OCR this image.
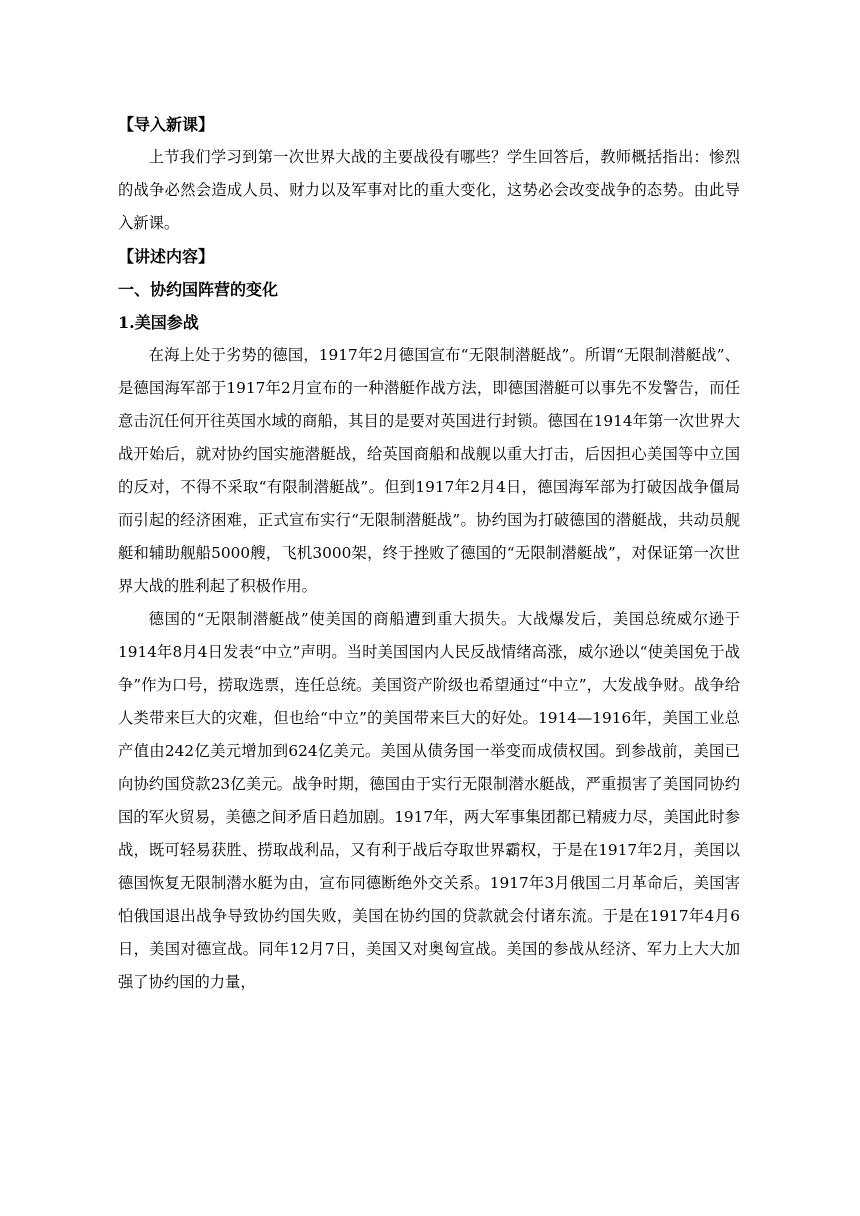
【导入新课】

上节我们学习到第一次世界大战的主要战役有哪些？学生回答后，教师概括指出：惨烈的战争必然会造成人员、财力以及军事对比的重大变化，这势必会改变战争的态势。由此导入新课。

【讲述内容】

一、协约国阵营的变化

1.美国参战

在海上处于劣势的德国，1917年2月德国宣布“无限制潜艇战”。所谓“无限制潜艇战”、是德国海军部于1917年2月宣布的一种潜艇作战方法，即德国潜艇可以事先不发警告，而任意击沉任何开往英国水域的商船，其目的是要对英国进行封锁。德国在1914年第一次世界大战开始后，就对协约国实施潜艇战，给英国商船和战舰以重大打击，后因担心美国等中立国的反对，不得不采取“有限制潜艇战”。但到1917年2月4日，德国海军部为打破因战争僵局而引起的经济困难，正式宣布实行“无限制潜艇战”。协约国为打破德国的潜艇战，共动员舰艇和辅助舰船5000艘，飞机3000架，终于挫败了德国的“无限制潜艇战”，对保证第一次世界大战的胜利起了积极作用。

德国的“无限制潜艇战”使美国的商船遭到重大损失。大战爆发后，美国总统威尔逊于1914年8月4日发表“中立”声明。当时美国国内人民反战情绪高涨，威尔逊以“使美国免于战争”作为口号，捞取选票，连任总统。美国资产阶级也希望通过“中立”，大发战争财。战争给人类带来巨大的灾难，但也给“中立”的美国带来巨大的好处。1914—1916年，美国工业总产值由242亿美元增加到624亿美元。美国从债务国一举变而成债权国。到参战前，美国已向协约国贷款23亿美元。战争时期，德国由于实行无限制潜水艇战，严重损害了美国同协约国的军火贸易，美德之间矛盾日趋加剧。1917年，两大军事集团都已精疲力尽，美国此时参战，既可轻易获胜、捞取战利品，又有利于战后夺取世界霸权，于是在1917年2月，美国以德国恢复无限制潜水艇为由，宣布同德断绝外交关系。1917年3月俄国二月革命后，美国害怕俄国退出战争导致协约国失败，美国在协约国的贷款就会付诸东流。于是在1917年4月6日，美国对德宣战。同年12月7日，美国又对奥匈宣战。美国的参战从经济、军力上大大加强了协约国的力量，
